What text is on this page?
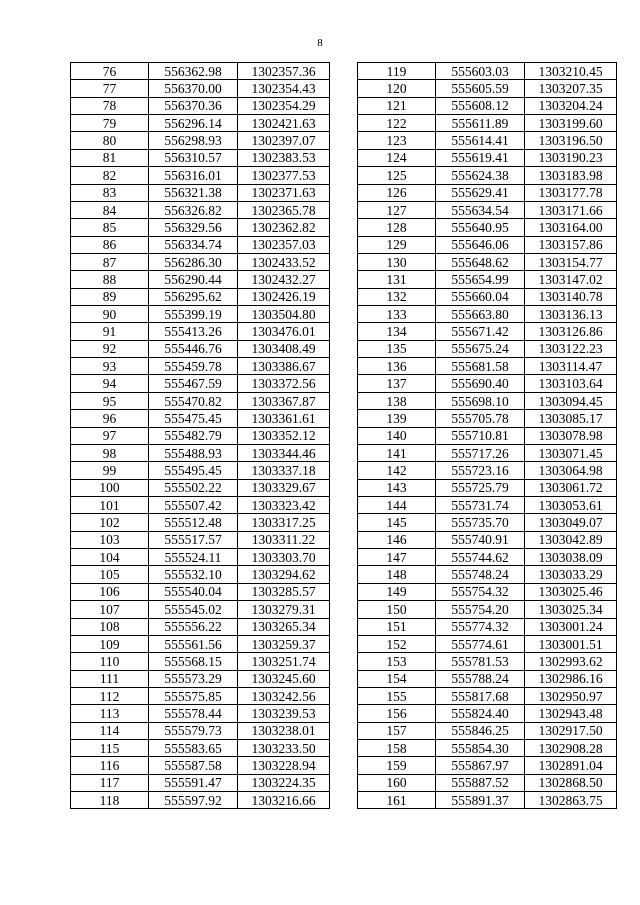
8
76	556362.98	1302357.36
77	556370.00	1302354.43
78	556370.36	1302354.29
79	556296.14	1302421.63
80	556298.93	1302397.07
81	556310.57	1302383.53
82	556316.01	1302377.53
83	556321.38	1302371.63
84	556326.82	1302365.78
85	556329.56	1302362.82
86	556334.74	1302357.03
87	556286.30	1302433.52
88	556290.44	1302432.27
89	556295.62	1302426.19
90	555399.19	1303504.80
91	555413.26	1303476.01
92	555446.76	1303408.49
93	555459.78	1303386.67
94	555467.59	1303372.56
95	555470.82	1303367.87
96	555475.45	1303361.61
97	555482.79	1303352.12
98	555488.93	1303344.46
99	555495.45	1303337.18
100	555502.22	1303329.67
101	555507.42	1303323.42
102	555512.48	1303317.25
103	555517.57	1303311.22
104	555524.11	1303303.70
105	555532.10	1303294.62
106	555540.04	1303285.57
107	555545.02	1303279.31
108	555556.22	1303265.34
109	555561.56	1303259.37
110	555568.15	1303251.74
111	555573.29	1303245.60
112	555575.85	1303242.56
113	555578.44	1303239.53
114	555579.73	1303238.01
115	555583.65	1303233.50
116	555587.58	1303228.94
117	555591.47	1303224.35
118	555597.92	1303216.66
119	555603.03	1303210.45
120	555605.59	1303207.35
121	555608.12	1303204.24
122	555611.89	1303199.60
123	555614.41	1303196.50
124	555619.41	1303190.23
125	555624.38	1303183.98
126	555629.41	1303177.78
127	555634.54	1303171.66
128	555640.95	1303164.00
129	555646.06	1303157.86
130	555648.62	1303154.77
131	555654.99	1303147.02
132	555660.04	1303140.78
133	555663.80	1303136.13
134	555671.42	1303126.86
135	555675.24	1303122.23
136	555681.58	1303114.47
137	555690.40	1303103.64
138	555698.10	1303094.45
139	555705.78	1303085.17
140	555710.81	1303078.98
141	555717.26	1303071.45
142	555723.16	1303064.98
143	555725.79	1303061.72
144	555731.74	1303053.61
145	555735.70	1303049.07
146	555740.91	1303042.89
147	555744.62	1303038.09
148	555748.24	1303033.29
149	555754.32	1303025.46
150	555754.20	1303025.34
151	555774.32	1303001.24
152	555774.61	1303001.51
153	555781.53	1302993.62
154	555788.24	1302986.16
155	555817.68	1302950.97
156	555824.40	1302943.48
157	555846.25	1302917.50
158	555854.30	1302908.28
159	555867.97	1302891.04
160	555887.52	1302868.50
161	555891.37	1302863.75
